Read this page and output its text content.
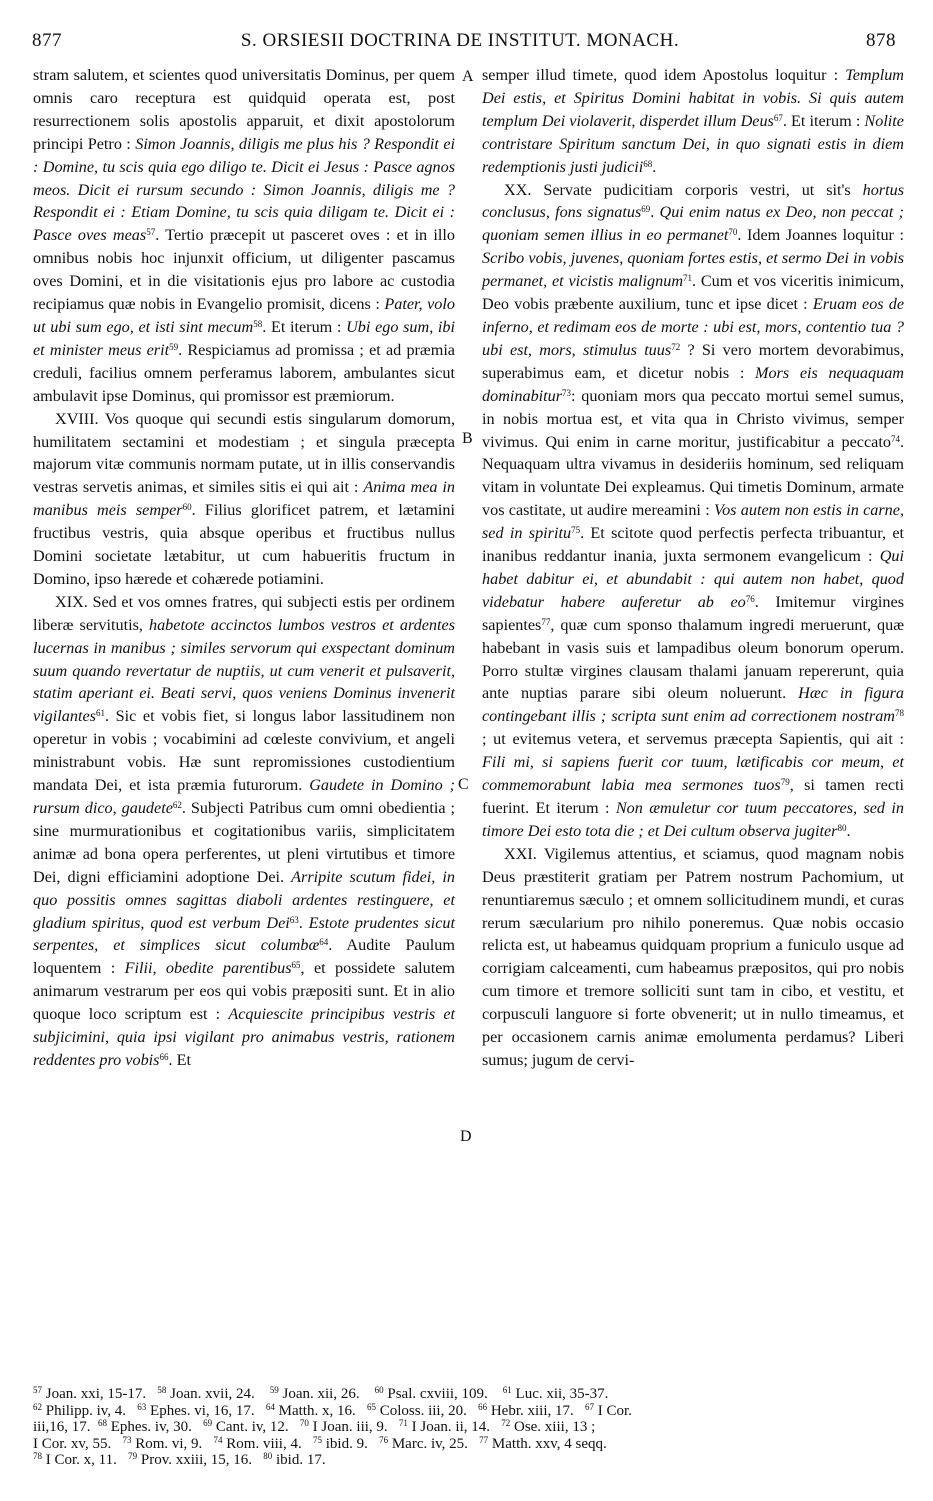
877	S. ORSIESII DOCTRINA DE INSTITUT. MONACH.	878
A
B
C
D

stram salutem, et scientes quod universitatis Dominus, per quem omnis caro receptura est quidquid operata est, post resurrectionem solis apostolis apparuit, et dixit apostolorum principi Petro : Simon Joannis, diligis me plus his ? Respondit ei : Domine, tu scis quia ego diligo te. Dicit ei Jesus : Pasce agnos meos. Dicit ei rursum secundo : Simon Joannis, diligis me ? Respondit ei : Etiam Domine, tu scis quia diligam te. Dicit ei : Pasce oves meas$^{57}$. Tertio præcepit ut pasceret oves : et in illo omnibus nobis hoc injunxit officium, ut diligenter pascamus oves Domini, et in die visitationis ejus pro labore ac custodia recipiamus quæ nobis in Evangelio promisit, dicens : Pater, volo ut ubi sum ego, et isti sint mecum$^{58}$. Et iterum : Ubi ego sum, ibi et minister meus erit$^{59}$. Respiciamus ad promissa ; et ad præmia creduli, facilius omnem perferamus laborem, ambulantes sicut ambulavit ipse Dominus, qui promissor est præmiorum.

XVIII. Vos quoque qui secundi estis singularum domorum, humilitatem sectamini et modestiam ; et singula præcepta majorum vitæ communis normam putate, ut in illis conservandis vestras servetis animas, et similes sitis ei qui ait : Anima mea in manibus meis semper$^{60}$. Filius glorificet patrem, et lætamini fructibus vestris, quia absque operibus et fructibus nullus Domini societate lætabitur, ut cum habueritis fructum in Domino, ipso hærede et cohærede potiamini.

XIX. Sed et vos omnes fratres, qui subjecti estis per ordinem liberæ servitutis, habetote accinctos lumbos vestros et ardentes lucernas in manibus ; similes servorum qui exspectant dominum suum quando revertatur de nuptiis, ut cum venerit et pulsaverit, statim aperiant ei. Beati servi, quos veniens Dominus invenerit vigilantes$^{61}$. Sic et vobis fiet, si longus labor lassitudinem non operetur in vobis ; vocabimini ad cœleste convivium, et angeli ministrabunt vobis. Hæ sunt repromissiones custodientium mandata Dei, et ista præmia futurorum. Gaudete in Domino ; rursum dico, gaudete$^{62}$. Subjecti Patribus cum omni obedientia ; sine murmurationibus et cogitationibus variis, simplicitatem animæ ad bona opera perferentes, ut pleni virtutibus et timore Dei, digni efficiamini adoptione Dei. Arripite scutum fidei, in quo possitis omnes sagittas diaboli ardentes restinguere, et gladium spiritus, quod est verbum Dei$^{63}$. Estote prudentes sicut serpentes, et simplices sicut columbæ$^{64}$. Audite Paulum loquentem : Filii, obedite parentibus$^{65}$, et possidete salutem animarum vestrarum per eos qui vobis præpositi sunt. Et in alio quoque loco scriptum est : Acquiescite principibus vestris et subjicimini, quia ipsi vigilant pro animabus vestris, rationem reddentes pro vobis$^{66}$. Et

semper illud timete, quod idem Apostolus loquitur : Templum Dei estis, et Spiritus Domini habitat in vobis. Si quis autem templum Dei violaverit, disperdet illum Deus$^{67}$. Et iterum : Nolite contristare Spiritum sanctum Dei, in quo signati estis in diem redemptionis justi judicii$^{68}$.

XX. Servate pudicitiam corporis vestri, ut sit's hortus conclusus, fons signatus$^{69}$. Qui enim natus ex Deo, non peccat ; quoniam semen illius in eo permanet$^{70}$. Idem Joannes loquitur : Scribo vobis, juvenes, quoniam fortes estis, et sermo Dei in vobis permanet, et vicistis malignum$^{71}$. Cum et vos viceritis inimicum, Deo vobis præbente auxilium, tunc et ipse dicet : Eruam eos de inferno, et redimam eos de morte : ubi est, mors, contentio tua ? ubi est, mors, stimulus tuus$^{72}$ ? Si vero mortem devorabimus, superabimus eam, et dicetur nobis : Mors eis nequaquam dominabitur$^{73}$: quoniam mors qua peccato mortui semel sumus, in nobis mortua est, et vita qua in Christo vivimus, semper vivimus. Qui enim in carne moritur, justificabitur a peccato$^{74}$. Nequaquam ultra vivamus in desideriis hominum, sed reliquam vitam in voluntate Dei expleamus. Qui timetis Dominum, armate vos castitate, ut audire mereamini : Vos autem non estis in carne, sed in spiritu$^{75}$. Et scitote quod perfectis perfecta tribuantur, et inanibus reddantur inania, juxta sermonem evangelicum : Qui habet dabitur ei, et abundabit : qui autem non habet, quod videbatur habere auferetur ab $eo^{76}$. Imitemur virgines sapientes$^{77}$, quæ cum sponso thalamum ingredi meruerunt, quæ habebant in vasis suis et lampadibus oleum bonorum operum. Porro stultæ virgines clausam thalami januam repererunt, quia ante nuptias parare sibi oleum noluerunt. Hæc in figura contingebant illis ; scripta sunt enim ad correctionem nostram$^{78}$ ; ut evitemus vetera, et servemus præcepta Sapientis, qui ait : Fili mi, si sapiens fuerit cor tuum, lætificabis cor meum, et commemorabunt labia mea sermones tuos$^{79}$, si tamen recti fuerint. Et iterum : Non æmuletur cor tuum peccatores, sed in timore Dei esto tota die ; et Dei cultum observa jugiter$^{80}$.

XXI. Vigilemus attentius, et sciamus, quod magnam nobis Deus præstiterit gratiam per Patrem nostrum Pachomium, ut renuntiaremus sæculo ; et omnem sollicitudinem mundi, et curas rerum sæcularium pro nihilo poneremus. Quæ nobis occasio relicta est, ut habeamus quidquam proprium a funiculo usque ad corrigiam calceamenti, cum habeamus præpositos, qui pro nobis cum timore et tremore solliciti sunt tam in cibo, et vestitu, et corpusculi languore si forte obvenerit; ut in nullo timeamus, et per occasionem carnis animæ emolumenta perdamus? Liberi sumus; jugum de cervi-

$^{57}$ Joan. xxi, 15-17. $^{58}$ Joan. xvii, 24. $^{59}$ Joan. xii, 26. $^{60}$ Psal. cxviii, 109. $^{61}$ Luc. xii, 35-37.
$^{62}$ Philipp. iv, 4. $^{63}$ Ephes. vi, 16, 17. $^{64}$ Matth. x, 16. $^{65}$ Coloss. iii, 20. $^{66}$ Hebr. xiii, 17. $^{67}$ I Cor.
iii,16, 17. $^{68}$ Ephes. iv, 30. $^{69}$ Cant. iv, 12. $^{70}$ I Joan. iii, 9. $^{71}$ I Joan. ii, 14. $^{72}$ Ose. xiii, 13 ;
I Cor. xv, 55. $^{73}$ Rom. vi, 9. $^{74}$ Rom. viii, 4. $^{75}$ ibid. 9. $^{76}$ Marc. iv, 25. $^{77}$ Matth. xxv, 4 seqq.
$^{78}$ I Cor. x, 11. $^{79}$ Prov. xxiii, 15, 16. $^{80}$ ibid. 17.
